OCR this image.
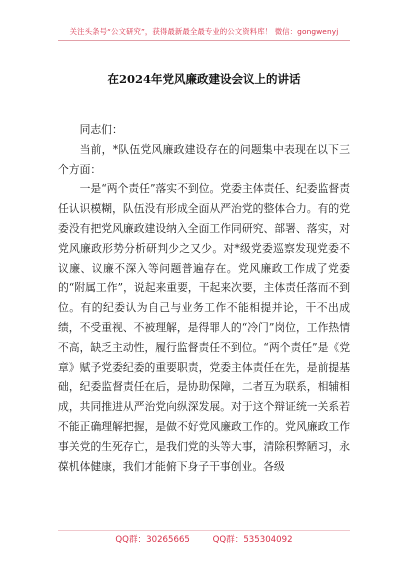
关注头条号“公文研究”，获得最新最全最专业的公文资料库！ 微信：gongwenyj
在2024年党风廉政建设会议上的讲话

同志们：

当前，*队伍党风廉政建设存在的问题集中表现在以下三个方面：

一是“两个责任”落实不到位。党委主体责任、纪委监督责任认识模糊，队伍没有形成全面从严治党的整体合力。有的党委没有把党风廉政建设纳入全面工作同研究、部署、落实，对党风廉政形势分析研判少之又少。对*级党委巡察发现党委不议廉、议廉不深入等问题普遍存在。党风廉政工作成了党委的“附属工作”，说起来重要，干起来次要，主体责任落而不到位。有的纪委认为自己与业务工作不能相提并论，干不出成绩，不受重视、不被理解，是得罪人的“冷门”岗位，工作热情不高，缺乏主动性，履行监督责任不到位。“两个责任”是《党章》赋予党委纪委的重要职责，党委主体责任在先，是前提基础，纪委监督责任在后，是协助保障，二者互为联系，相辅相成，共同推进从严治党向纵深发展。对于这个辩证统一关系若不能正确理解把握，是做不好党风廉政工作的。党风廉政工作事关党的生死存亡，是我们党的头等大事，清除积弊陋习，永葆机体健康，我们才能俯下身子干事创业。各级

QQ群：30265665	QQ群：535304092
